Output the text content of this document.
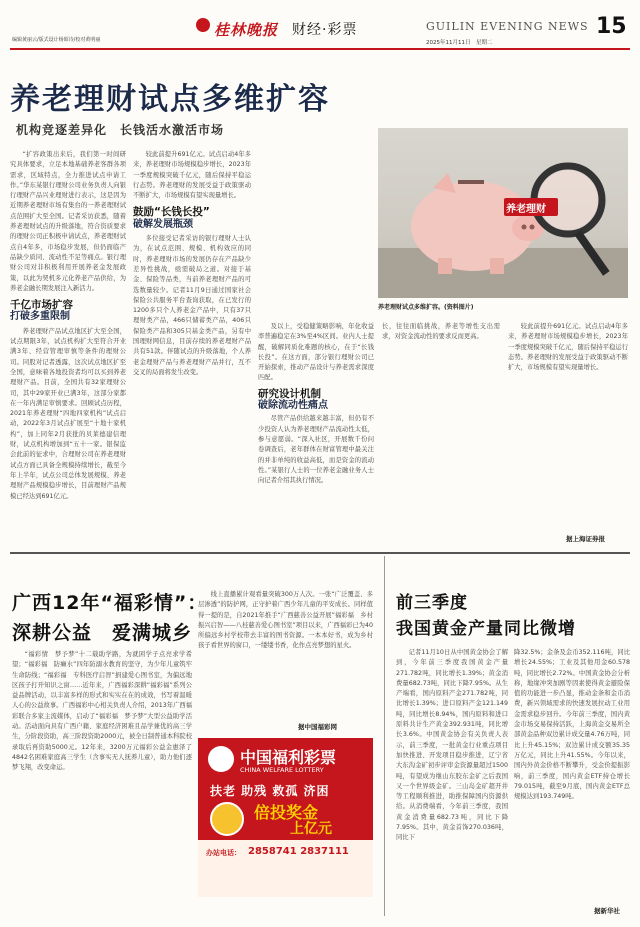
编辑黄丽云/版式设计杨昭诗/校对黄明丽
桂林晚报 财经·彩票	GUILIN EVENING NEWS
2025年11月11日　星期二
15
养老理财试点多维扩容
机构竞逐差异化　长钱活水激活市场

“扩容政策出来后，我们第一时间研究具体要求，立足本地基础养老客群各项需求，区域特点，全力推进试点申请工作。”华东某银行理财公司业务负责人向银行理财产品兴业理财进行表示，这是因为近期养老理财市场有集台的一养老理财试点范围扩大至全国。记者采访获悉，随着养老理财试点的升级落地，符合资质要求的理财公司正积极申请试点，养老理财试点自4年多，市场稳步发展，但仍面临产品缺少质同、流动性不足等痛点。银行理财公司对非积极利用开展养老金发展政策，以此为契机多元化养老产品供给，为养老金融长期发展注入新活力。

千亿市场扩容
打破多重限制

养老理财产品试点地区扩大至全国，试点期限3年，试点机构扩大至符合开业满3年、经营管理审慎等条件的理财公司。同股对记者透露，这次试点地区扩至全国，意味着各地投资者均可以买到养老理财产品。目前，全国共有32家理财公司，其中29家开业已满3年，这部分家都在一年内满足审慎要求。回顾试点历程，2021年养老理财“四地四家机构”试点启动，2022年3月试点扩展至“十地十家机构”，加上同年2月获批的贝莱德建信理财，试点机构增加到“五十一家。银保监会此前的征求中，合理财公司在养老理财试点方面已具备全规模持续增长，截至今年上半年，试点公司总体发展规模、养老理财产品规模稳步增长，目前理财产品规模已经达到691亿元。

较此前提升691亿元。试点启动4年多来，养老理财市场规模稳步增长，2023年一季度规模突破千亿元，随后保持平稳运行态势。养老理财的发展受益于政策驱动不断扩大，市场规模有望实现量增长。

鼓励“长钱长投”
破解发展瓶颈

多位接受记者采访的银行理财人士认为，在试点范围、规模、机构效应的同时，养老理财市场的发展仍存在产品缺少差异性挑战，亟需破局之道。对接于基金、保险等品类，当前养老理财产品的可选数量较少。记者11月9日通过国家社会保险公共服务平台查询获取，在已发行的1200多只个人养老金产品中，只有37只理财类产品，466只储蓄类产品，406只保险类产品和305只基金类产品，另有中国理财网信息，目前存续的养老理财产品共有51款。伴随试点的升级落地，个人养老金理财产品与养老理财产品并行，互不交叉的局面将发生改变。

及以上，受稳健策略影响，年化收益率普遍稳定在3%至4%区间。业内人士提醒，破解同质化难题的核心，在于“长钱长投”。在这方面，部分银行理财公司已开始探索，推动产品设计与养老需求深度匹配。

研究设计机制
破除流动性痛点

尽管产品供给越来越丰富，但仍有不少投资人认为养老理财产品流动性太低，参与意愿弱。“深入社区，开展数千份问卷调查后，老年群体在财富管理中最关注的并非单纯的收益高低，而是资金的流动性。”某银行人士的一位养老金融业务人士向记者介绍其执行情况。

长，往往面临挑战，养老等增性支出需求，对资金流动性的要求反而更高。

较此前提升691亿元。试点启动4年多来，养老理财市场规模稳步增长，2023年一季度规模突破千亿元，随后保持平稳运行态势。养老理财的发展受益于政策驱动不断扩大，市场规模有望实现量增长。

据上海证券报
养老理财
养老理财试点多维扩容。(资料图片)
广西12年“福彩情”：
深耕公益　爱满城乡

“福彩情　梦予梦”十二载助学路，为就困学子点亮求学希望；“福彩福　防癞水”四年防溺水教育的坚守，为少年儿童筑牢生命防线；“福彩福　专科医疗启智”捐建爱心图书室，为偏远地区孩子打开知识之窗……近年来，广西福彩深耕“福彩福”系列公益品牌活动，以丰富多样的形式和实实在在的成效，书写着温暖人心的公益故事。广西福彩中心相关负责人介绍，2013年广西福彩联合多家主流媒体，启动了“福彩福　梦予梦”大型公益助学活动。活动面向具有广西户籍、家庭经济困难且品学兼优的高三学生，分阶段资助，高三阶段资助2000元，被全日制普通本科院校录取后再资助5000元。12年来，3200万元福彩公益金惠泽了4842名困难家庭高三学生（含事实无人抚养儿童），助力他们逐梦飞翔，改变命运。

线上直播累计观看量突破300万人次。一张“广泛覆盖、多层渗透”的防护网，正守护着广西少年儿童的平安成长。同样值得一提的是，自2021年推手“广西慈善公益开展”福彩福　乡村振兴启智——八桂慈善爱心图书室”项目以来，广西福彩已为40所偏远乡村学校带去丰富的图书资源。一本本好书，成为乡村孩子看世界的窗口，一缕缕书香，化作点亮梦想的星火。

据中国福彩网
中国福利彩票
CHINA WELFARE LOTTERY
扶老 助残 救孤 济困
倍投奖金
上亿元
办站电话： 2858741 2837111
前三季度
我国黄金产量同比微增

记者11月10日从中国黄金协会了解到，今年前三季度我国黄金产量271.782吨，同比增长1.39%；黄金消费量682.73吨，同比下降7.95%。从生产端看，国内原料产金271.782吨，同比增长1.39%；进口原料产金121.149吨，同比增长8.94%，国内原料和进口原料共计生产黄金392.931吨，同比增长3.6%。中国黄金协会有关负责人表示，前三季度，一批黄金行业重点项目加快推进、开发项目稳步推进，辽宁省大东沟金矿初步评审金资源量超过1500吨，有望成为继山东胶东金矿之后我国又一个世界级金矿。三山岛金矿超开井等工程顺利推进，助推保障国内资源供给。从消费端看，今年前三季度，我国黄金消费量682.73吨，同比下降7.95%。其中，黄金首饰270.036吨，同比下

降32.5%；金条及金币352.116吨，同比增长24.55%；工业及其他用金60.578吨，同比增长2.72%。中国黄金协会分析称，地缘冲突加剧等因素使得黄金避险保值的功能进一步凸显，推动金条和金币消费，新兴领域需求的快速发展拉动工业用金需求稳步回升。今年前三季度，国内黄金市场交易保持活跃，上海黄金交易所全部黄金品种双边累计成交量4.76万吨，同比上升45.15%；双边累计成交额35.35万亿元，同比上升41.55%。今年以来，国内外黄金价格不断攀升，受金价提振影响，前三季度，国内黄金ETF持仓增长79.015吨，截至9月底，国内黄金ETF总规模达到193.749吨。

据新华社
